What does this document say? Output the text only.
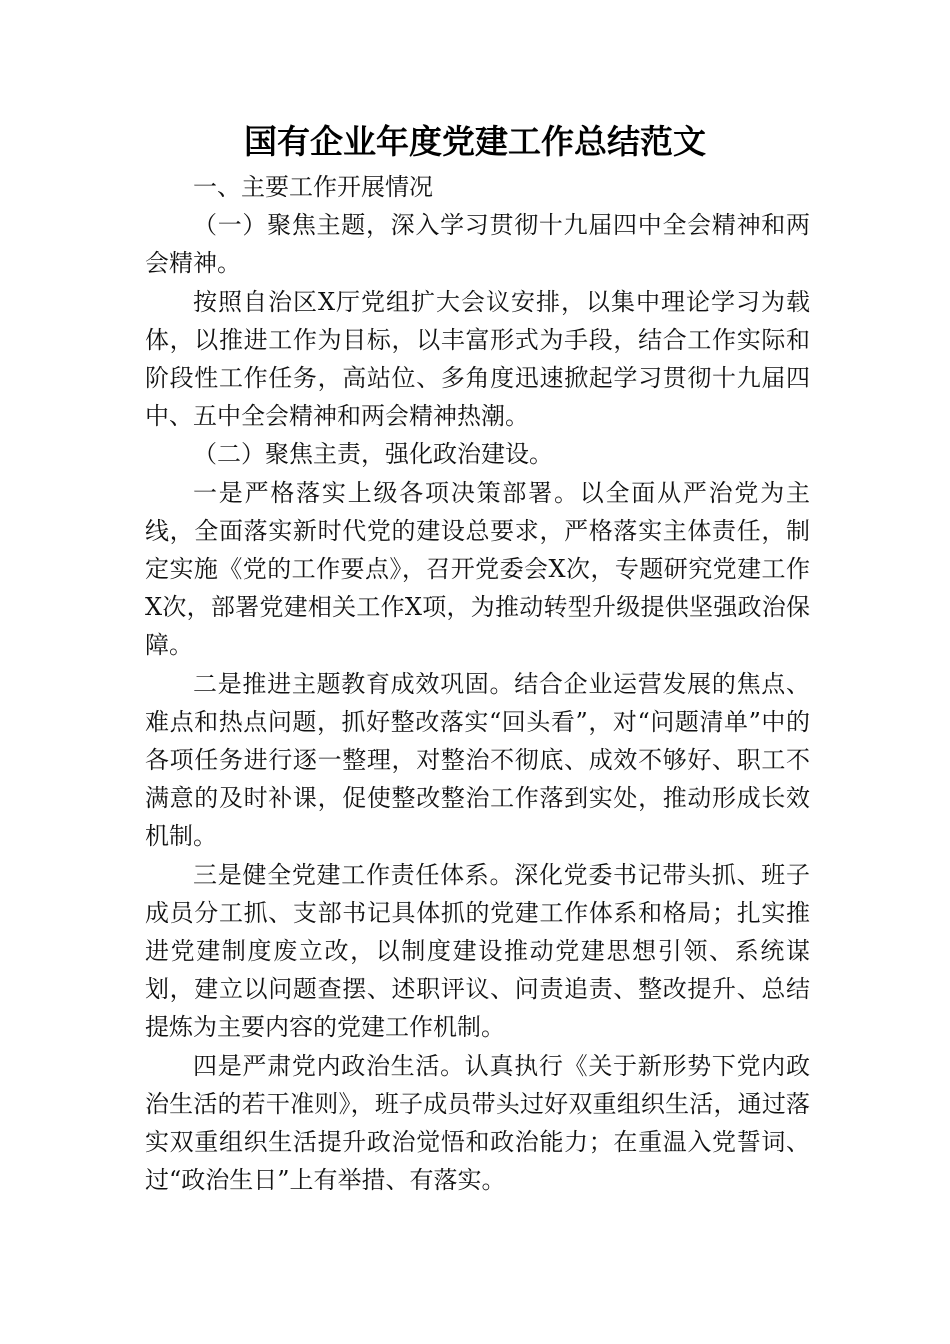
国有企业年度党建工作总结范文

一、主要工作开展情况

（一）聚焦主题，深入学习贯彻十九届四中全会精神和两会精神。

按照自治区X厅党组扩大会议安排，以集中理论学习为载体，以推进工作为目标，以丰富形式为手段，结合工作实际和阶段性工作任务，高站位、多角度迅速掀起学习贯彻十九届四中、五中全会精神和两会精神热潮。

（二）聚焦主责，强化政治建设。

一是严格落实上级各项决策部署。以全面从严治党为主线，全面落实新时代党的建设总要求，严格落实主体责任，制定实施《党的工作要点》，召开党委会X次，专题研究党建工作X次，部署党建相关工作X项，为推动转型升级提供坚强政治保障。

二是推进主题教育成效巩固。结合企业运营发展的焦点、难点和热点问题，抓好整改落实“回头看”，对“问题清单”中的各项任务进行逐一整理，对整治不彻底、成效不够好、职工不满意的及时补课，促使整改整治工作落到实处，推动形成长效机制。

三是健全党建工作责任体系。深化党委书记带头抓、班子成员分工抓、支部书记具体抓的党建工作体系和格局；扎实推进党建制度废立改，以制度建设推动党建思想引领、系统谋划，建立以问题查摆、述职评议、问责追责、整改提升、总结提炼为主要内容的党建工作机制。

四是严肃党内政治生活。认真执行《关于新形势下党内政治生活的若干准则》，班子成员带头过好双重组织生活，通过落实双重组织生活提升政治觉悟和政治能力；在重温入党誓词、过“政治生日”上有举措、有落实。
